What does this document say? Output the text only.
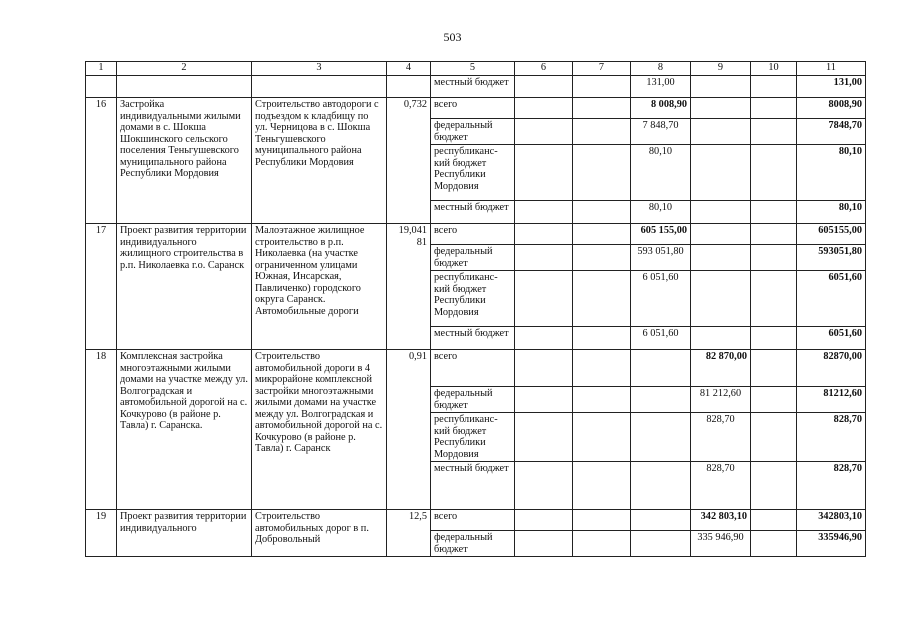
503
1	2	3	4	5	6	7	8	9	10	11
				местный бюджет			131,00			131,00
16	Застройка индивидуальными жилыми домами в с. Шокша Шокшинского сельского поселения Теньгушевского муниципального района Республики Мордовия	Строительство автодороги с подъездом к кладбищу по ул. Черницова в с. Шокша Теньгушевского муниципального района Республики Мордовия	0,732	всего			8 008,90			8008,90
				федеральный бюджет			7 848,70			7848,70
				республиканс-кий бюджет Республики Мордовия			80,10			80,10
				местный бюджет			80,10			80,10
17	Проект развития территории индивидуального жилищного строительства в р.п. Николаевка г.о. Саранск	Малоэтажное жилищное строительство в р.п. Николаевка (на участке ограниченном улицами Южная, Инсарская, Павличенко) городского округа Саранск. Автомобильные дороги	19,041 81	всего			605 155,00			605155,00
				федеральный бюджет			593 051,80			593051,80
				республиканс-кий бюджет Республики Мордовия			6 051,60			6051,60
				местный бюджет			6 051,60			6051,60
18	Комплексная застройка многоэтажными жилыми домами на участке между ул. Волгоградская и автомобильной дорогой на с. Кочкурово (в районе р. Тавла) г. Саранска.	Строительство автомобильной дороги в 4 микрорайоне комплексной застройки многоэтажными жилыми домами на участке между ул. Волгоградская и автомобильной дорогой на с. Кочкурово (в районе р. Тавла) г. Саранск	0,91	всего				82 870,00		82870,00
				федеральный бюджет				81 212,60		81212,60
				республиканс-кий бюджет Республики Мордовия				828,70		828,70
				местный бюджет				828,70		828,70
19	Проект развития территории индивидуального	Строительство автомобильных дорог в п. Добровольный	12,5	всего				342 803,10		342803,10
				федеральный бюджет				335 946,90		335946,90
